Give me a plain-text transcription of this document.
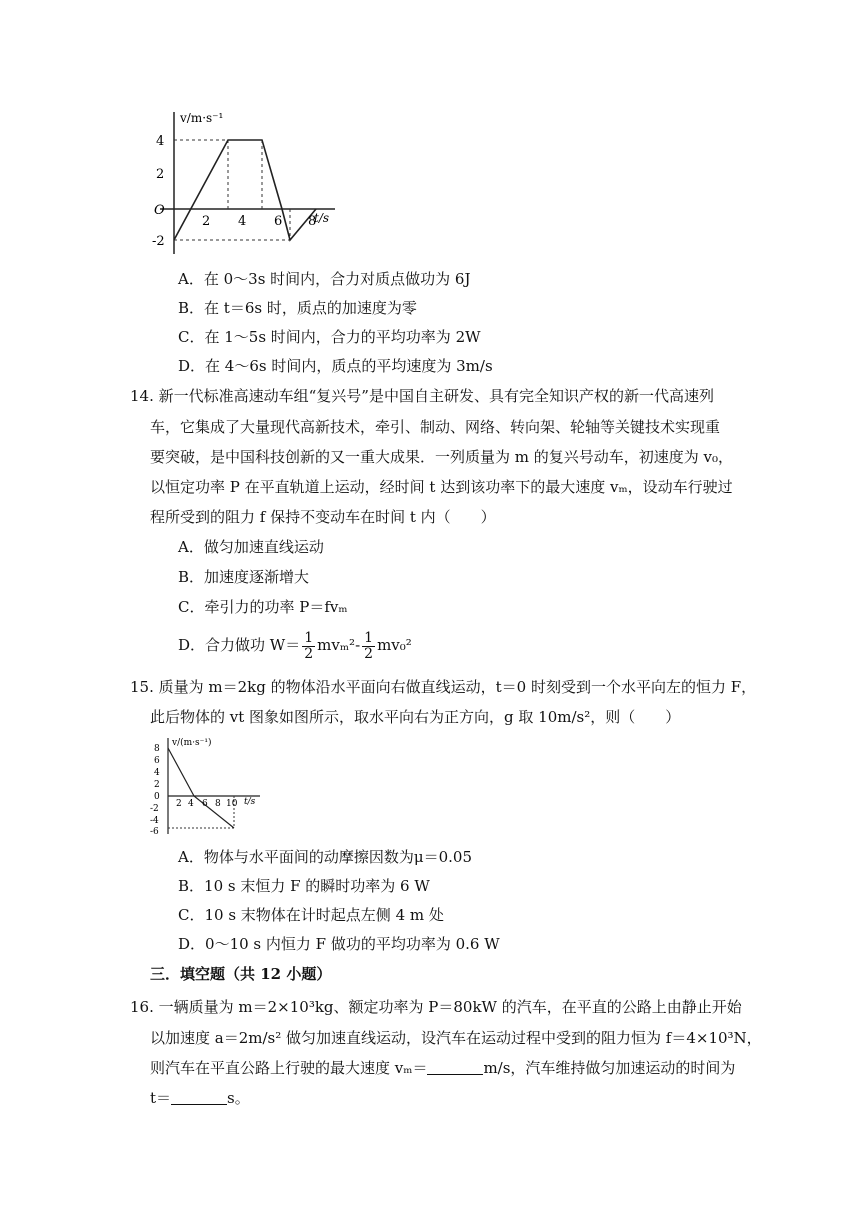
v/m·s⁻¹
t/s
4
2
O
-2
2 4 6 8
A．在 0～3s 时间内，合力对质点做功为 6J
B．在 t＝6s 时，质点的加速度为零
C．在 1～5s 时间内，合力的平均功率为 2W
D．在 4～6s 时间内，质点的平均速度为 3m/s
14. 新一代标准高速动车组“复兴号”是中国自主研发、具有完全知识产权的新一代高速列
车，它集成了大量现代高新技术，牵引、制动、网络、转向架、轮轴等关键技术实现重
要突破，是中国科技创新的又一重大成果．一列质量为 m 的复兴号动车，初速度为 v₀，
以恒定功率 P 在平直轨道上运动，经时间 t 达到该功率下的最大速度 vₘ，设动车行驶过
程所受到的阻力 f 保持不变动车在时间 t 内（　　）
A．做匀加速直线运动
B．加速度逐渐增大
C．牵引力的功率 P＝fvₘ
D．合力做功 $W= \frac{1}{2} mv_m^2- \frac{1}{2} mv_0^2$
15. 质量为 m＝2kg 的物体沿水平面向右做直线运动，t＝0 时刻受到一个水平向左的恒力 F，
此后物体的 vt 图象如图所示，取水平向右为正方向，g 取 10m/s²，则（　　）
v/(m·s⁻¹)
t/s
8
6
4
2
0
-2
-4
-6
2 4 6 8 10
A．物体与水平面间的动摩擦因数为μ＝0.05
B．10 s 末恒力 F 的瞬时功率为 6 W
C．10 s 末物体在计时起点左侧 4 m 处
D．0～10 s 内恒力 F 做功的平均功率为 0.6 W
三．填空题（共 12 小题）
16. 一辆质量为 m＝2×10³kg、额定功率为 P＝80kW 的汽车，在平直的公路上由静止开始
以加速度 a＝2m/s² 做匀加速直线运动，设汽车在运动过程中受到的阻力恒为 f＝4×10³N，
则汽车在平直公路上行驶的最大速度 vₘ＝	m/s，汽车维持做匀加速运动的时间为
t＝	s。
